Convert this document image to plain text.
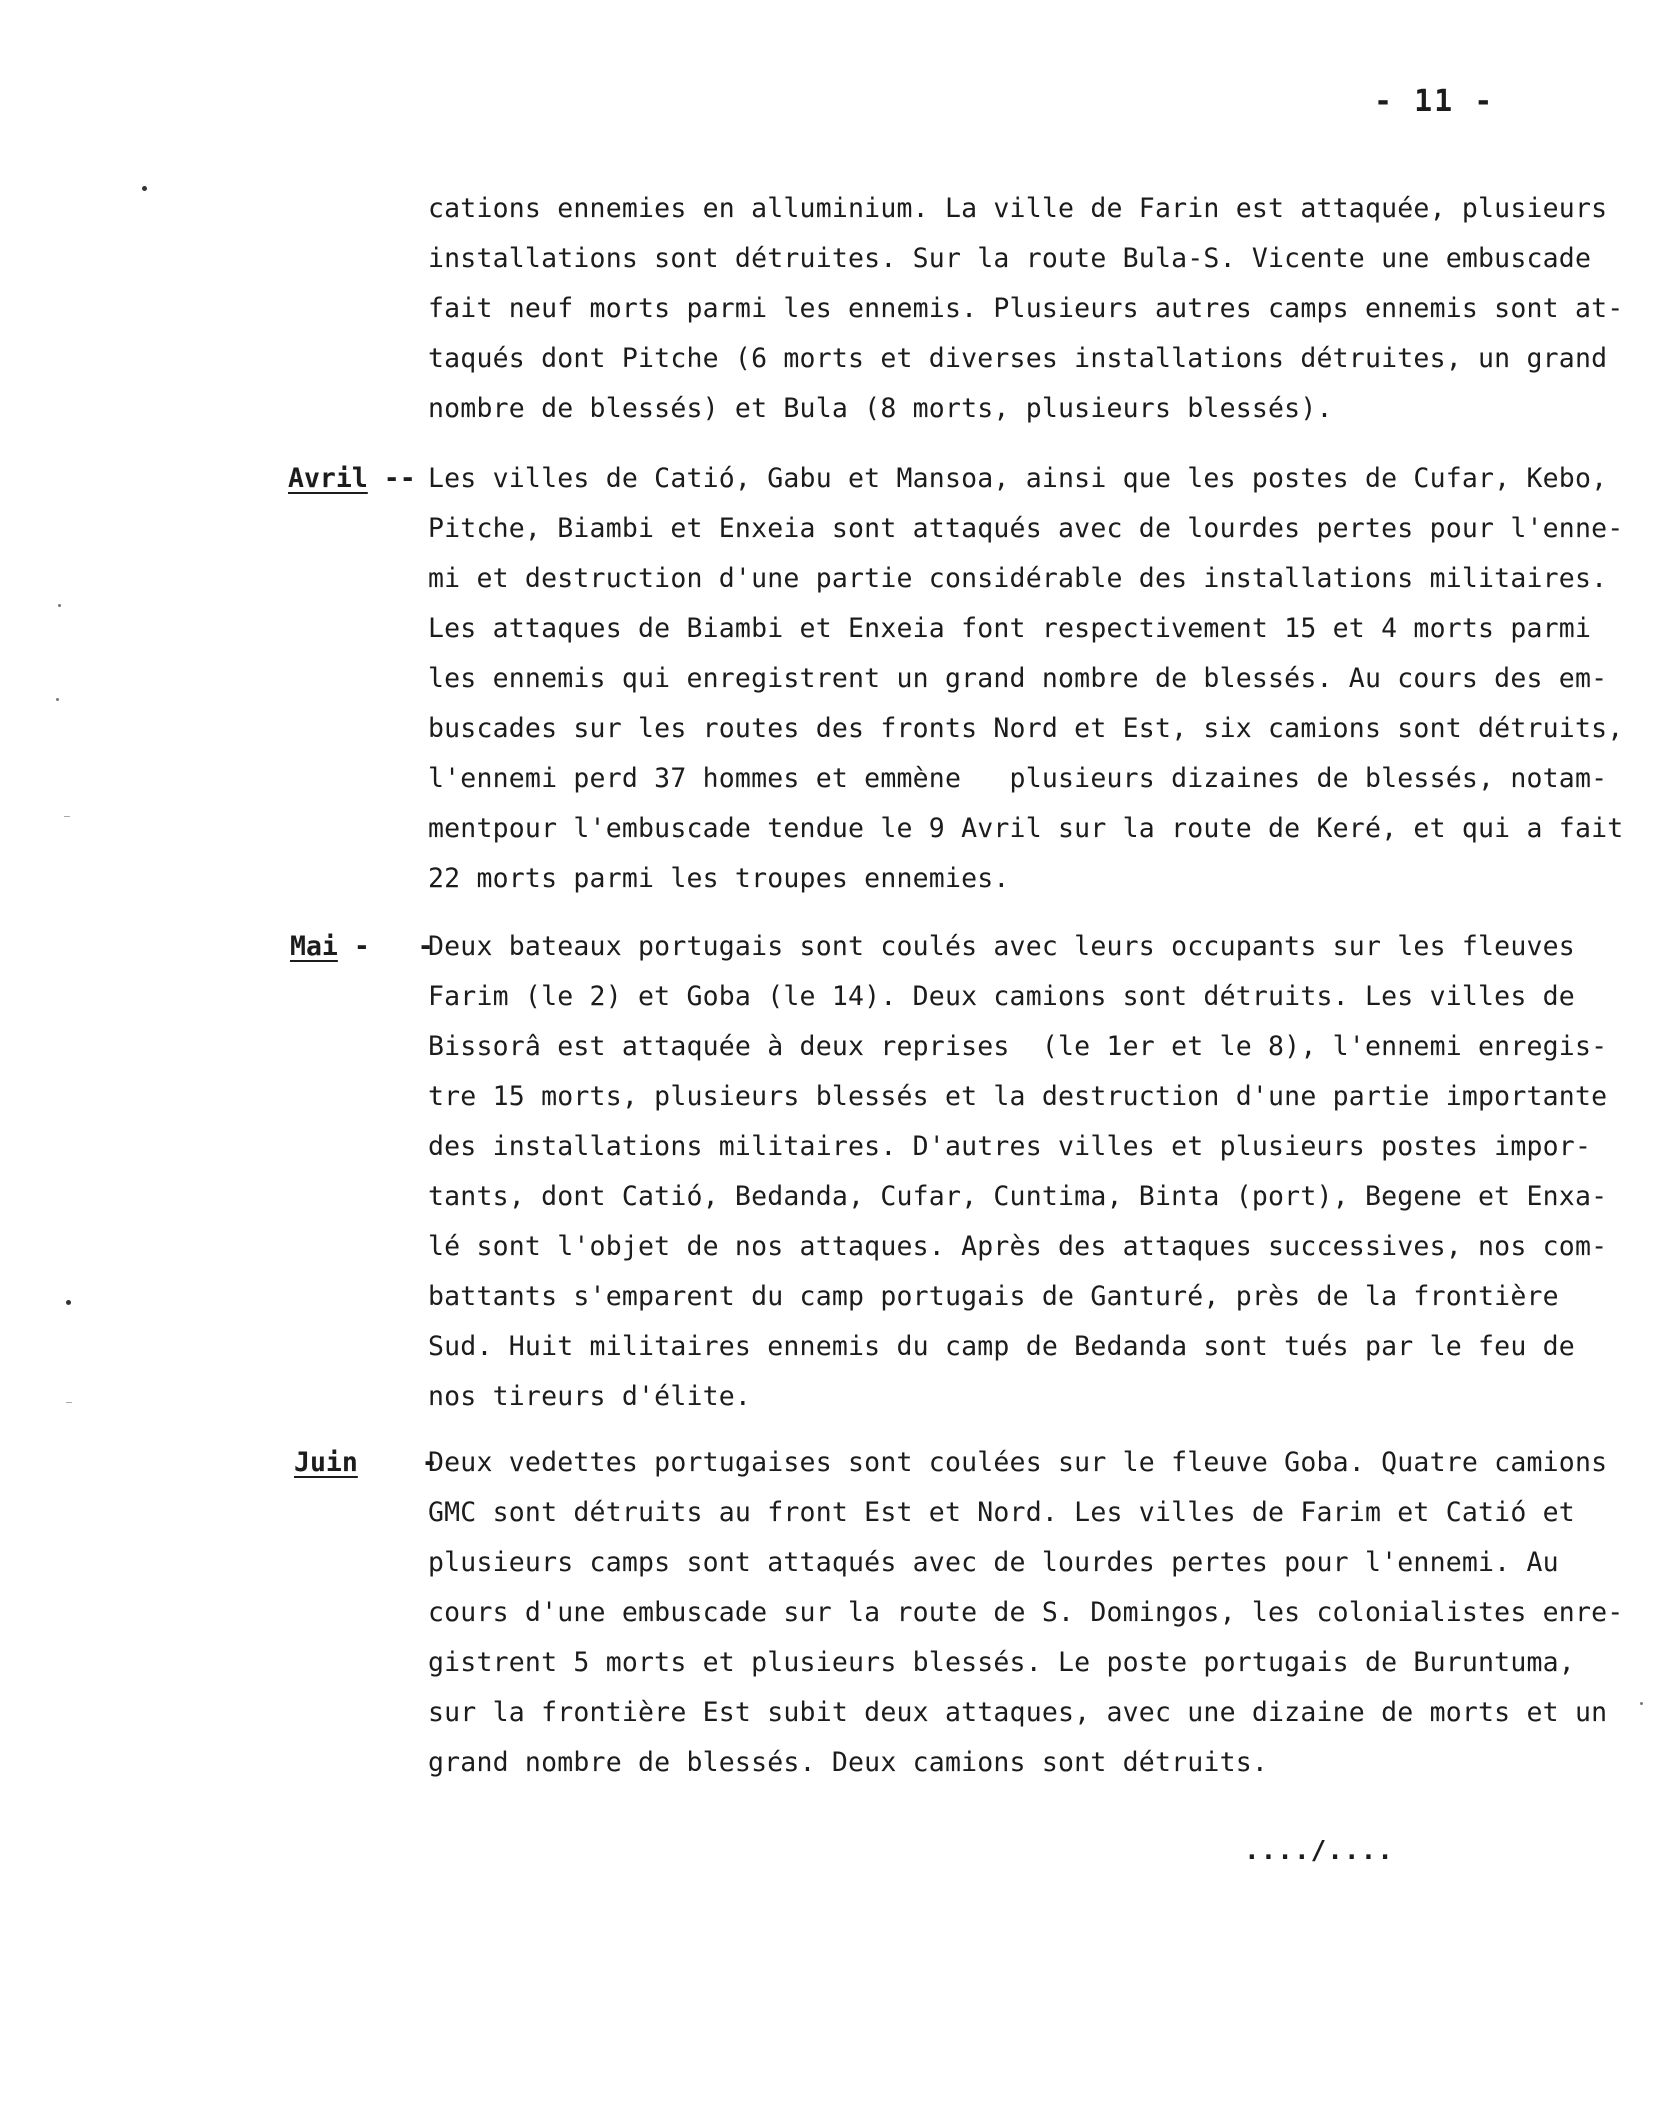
- 11 -
cations ennemies en alluminium. La ville de Farin est attaquée, plusieurs
installations sont détruites. Sur la route Bula-S. Vicente une embuscade
fait neuf morts parmi les ennemis. Plusieurs autres camps ennemis sont at-
taqués dont Pitche (6 morts et diverses installations détruites, un grand
nombre de blessés) et Bula (8 morts, plusieurs blessés).
Avril -- Les villes de Catió, Gabu et Mansoa, ainsi que les postes de Cufar, Kebo,
Pitche, Biambi et Enxeia sont attaqués avec de lourdes pertes pour l'enne-
mi et destruction d'une partie considérable des installations militaires.
Les attaques de Biambi et Enxeia font respectivement 15 et 4 morts parmi
les ennemis qui enregistrent un grand nombre de blessés. Au cours des em-
buscades sur les routes des fronts Nord et Est, six camions sont détruits,
l'ennemi perd 37 hommes et emmène   plusieurs dizaines de blessés, notam-
mentpour l'embuscade tendue le 9 Avril sur la route de Keré, et qui a fait
22 morts parmi les troupes ennemies.
Mai -   -
Deux bateaux portugais sont coulés avec leurs occupants sur les fleuves
Farim (le 2) et Goba (le 14). Deux camions sont détruits. Les villes de
Bissorâ est attaquée à deux reprises  (le 1er et le 8), l'ennemi enregis-
tre 15 morts, plusieurs blessés et la destruction d'une partie importante
des installations militaires. D'autres villes et plusieurs postes impor-
tants, dont Catió, Bedanda, Cufar, Cuntima, Binta (port), Begene et Enxa-
lé sont l'objet de nos attaques. Après des attaques successives, nos com-
battants s'emparent du camp portugais de Ganturé, près de la frontière
Sud. Huit militaires ennemis du camp de Bedanda sont tués par le feu de
nos tireurs d'élite.
Juin    -
Deux vedettes portugaises sont coulées sur le fleuve Goba. Quatre camions
GMC sont détruits au front Est et Nord. Les villes de Farim et Catió et
plusieurs camps sont attaqués avec de lourdes pertes pour l'ennemi. Au
cours d'une embuscade sur la route de S. Domingos, les colonialistes enre-
gistrent 5 morts et plusieurs blessés. Le poste portugais de Buruntuma,
sur la frontière Est subit deux attaques, avec une dizaine de morts et un
grand nombre de blessés. Deux camions sont détruits.
..../....
